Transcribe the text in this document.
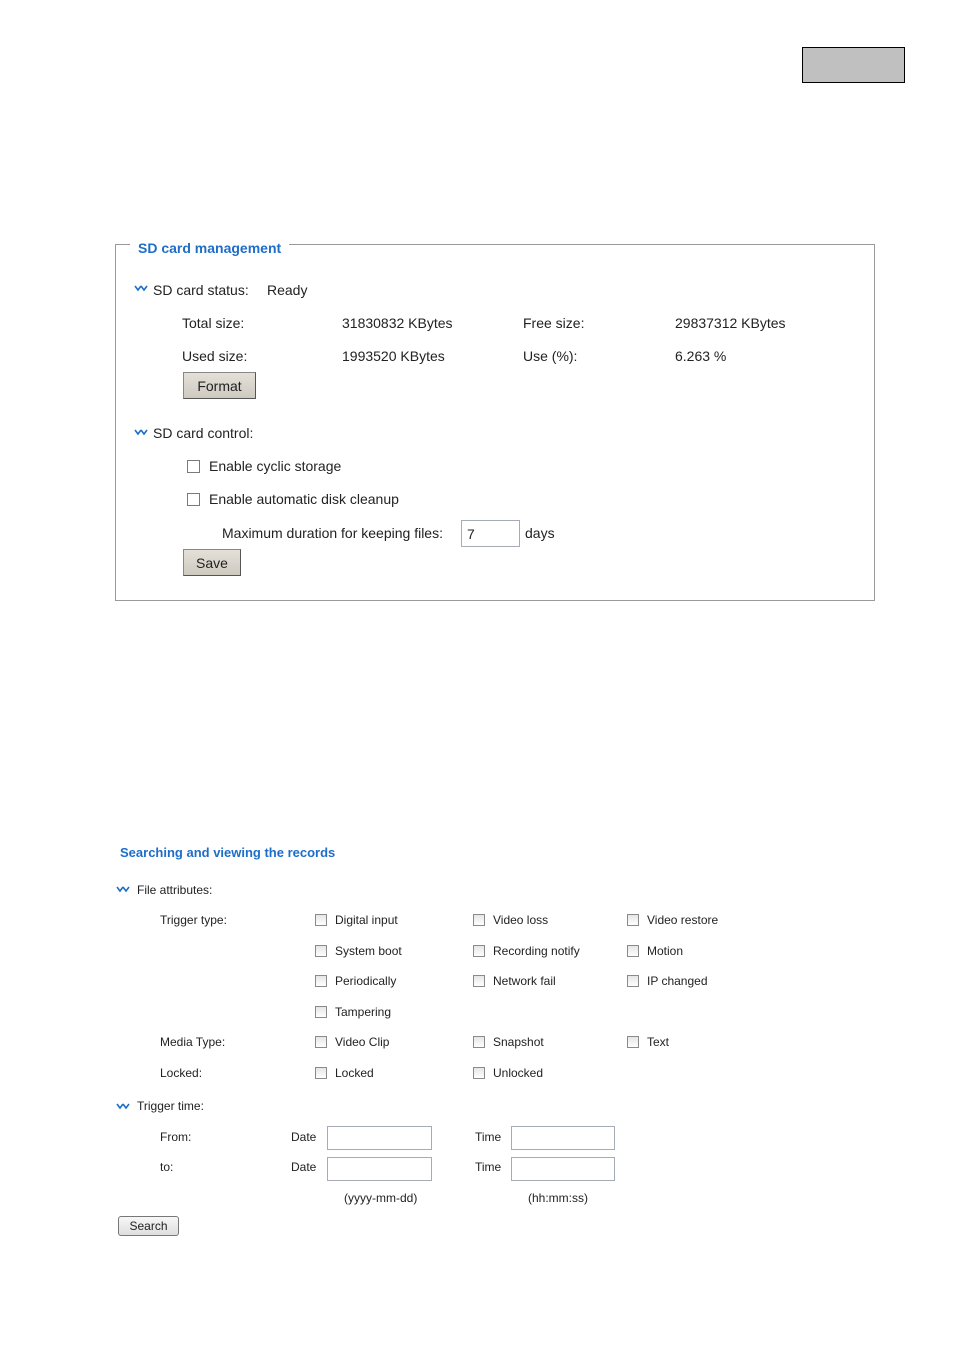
SD card management
SD card status: Ready
Total size:	31830832 KBytes	Free size:	29837312 KBytes
Used size:	1993520 KBytes	Use (%):	6.263 %
Format
SD card control:
Enable cyclic storage
Enable automatic disk cleanup
Maximum duration for keeping files:
7	days
Save
Searching and viewing the records
File attributes:
Trigger type:	Digital input	Video loss	Video restore
System boot	Recording notify	Motion
Periodically	Network fail	IP changed
Tampering
Media Type:	Video Clip	Snapshot	Text
Locked:	Locked	Unlocked
Trigger time:
From:	Date	Time
to:	Date	Time
(yyyy-mm-dd)	(hh:mm:ss)
Search
